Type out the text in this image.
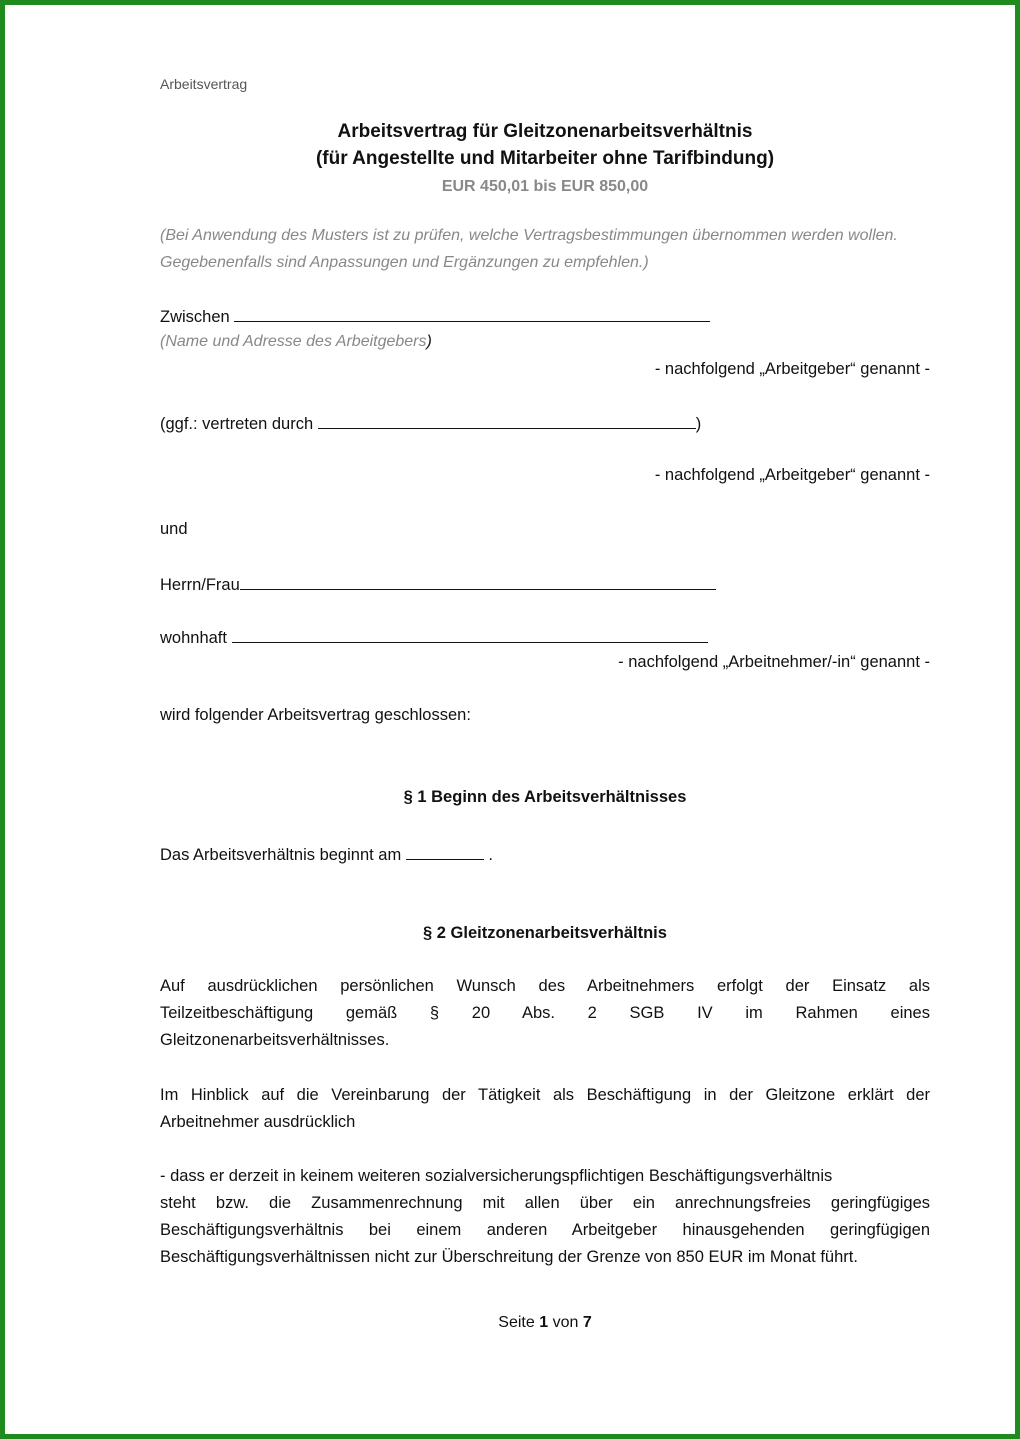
Arbeitsvertrag
Arbeitsvertrag für Gleitzonenarbeitsverhältnis
(für Angestellte und Mitarbeiter ohne Tarifbindung)
EUR 450,01 bis EUR 850,00
(Bei Anwendung des Musters ist zu prüfen, welche Vertragsbestimmungen übernommen werden wollen. Gegebenenfalls sind Anpassungen und Ergänzungen zu empfehlen.)
Zwischen
(Name und Adresse des Arbeitgebers)
- nachfolgend „Arbeitgeber“ genannt -
(ggf.: vertreten durch	)
- nachfolgend „Arbeitgeber“ genannt -
und
Herrn/Frau
wohnhaft
- nachfolgend „Arbeitnehmer/-in“ genannt -
wird folgender Arbeitsvertrag geschlossen:
§ 1 Beginn des Arbeitsverhältnisses
Das Arbeitsverhältnis beginnt am	.
§ 2 Gleitzonenarbeitsverhältnis
Auf ausdrücklichen persönlichen Wunsch des Arbeitnehmers erfolgt der Einsatz als
Teilzeitbeschäftigung gemäß § 20 Abs. 2 SGB IV im Rahmen eines
Gleitzonenarbeitsverhältnisses.
Im Hinblick auf die Vereinbarung der Tätigkeit als Beschäftigung in der Gleitzone erklärt der
Arbeitnehmer ausdrücklich
- dass er derzeit in keinem weiteren sozialversicherungspflichtigen Beschäftigungsverhältnis
steht bzw. die Zusammenrechnung mit allen über ein anrechnungsfreies geringfügiges
Beschäftigungsverhältnis bei einem anderen Arbeitgeber hinausgehenden geringfügigen
Beschäftigungsverhältnissen nicht zur Überschreitung der Grenze von 850 EUR im Monat führt.
Seite 1 von 7
